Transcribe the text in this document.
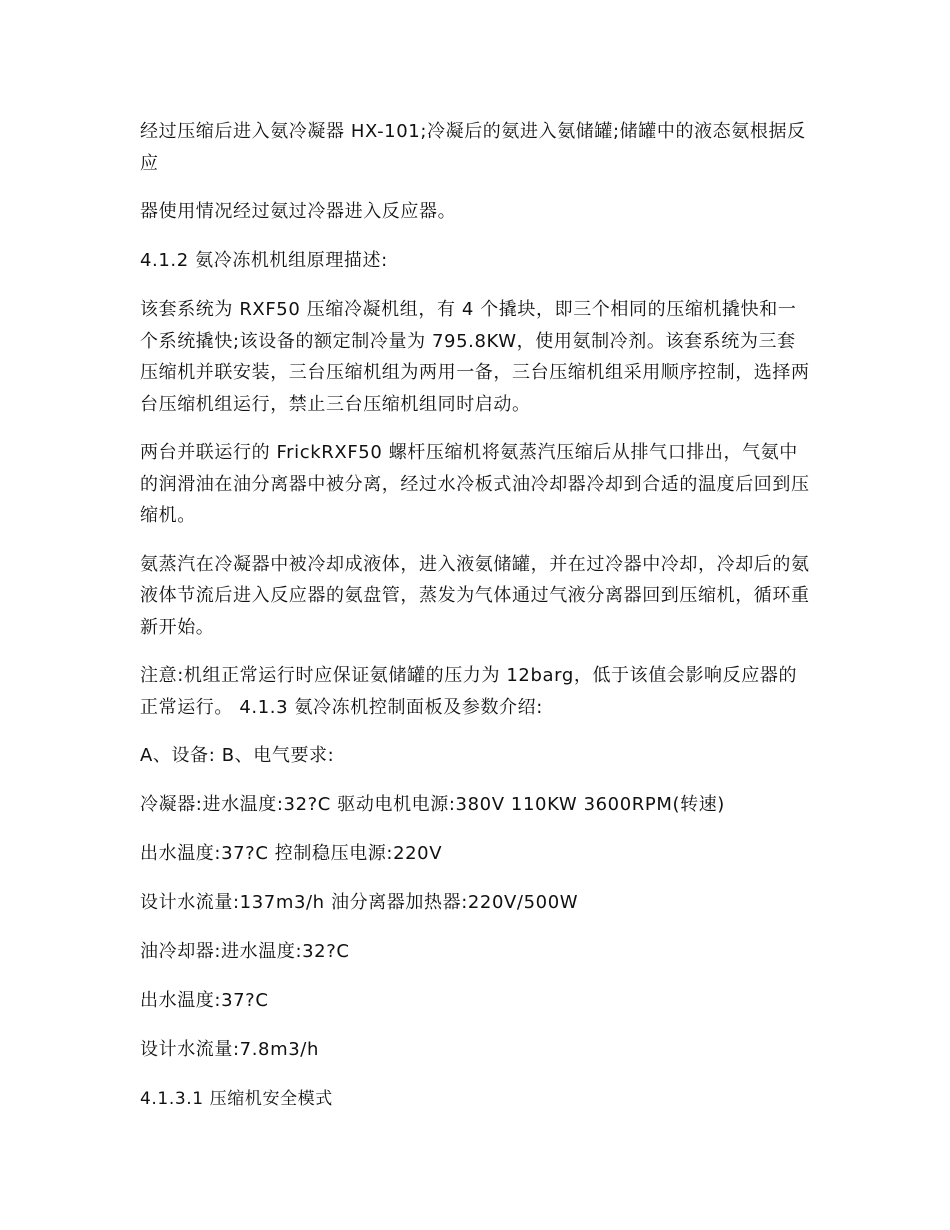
经过压缩后进入氨冷凝器 HX-101;冷凝后的氨进入氨储罐;储罐中的液态氨根据反应

器使用情况经过氨过冷器进入反应器。

4.1.2 氨冷冻机机组原理描述:

该套系统为 RXF50 压缩冷凝机组，有 4 个撬块，即三个相同的压缩机撬快和一个系统撬快;该设备的额定制冷量为 795.8KW，使用氨制冷剂。该套系统为三套压缩机并联安装，三台压缩机组为两用一备，三台压缩机组采用顺序控制，选择两台压缩机组运行，禁止三台压缩机组同时启动。

两台并联运行的 FrickRXF50 螺杆压缩机将氨蒸汽压缩后从排气口排出，气氨中的润滑油在油分离器中被分离，经过水冷板式油冷却器冷却到合适的温度后回到压缩机。

氨蒸汽在冷凝器中被冷却成液体，进入液氨储罐，并在过冷器中冷却，冷却后的氨液体节流后进入反应器的氨盘管，蒸发为气体通过气液分离器回到压缩机，循环重新开始。

注意:机组正常运行时应保证氨储罐的压力为 12barg，低于该值会影响反应器的正常运行。 4.1.3 氨冷冻机控制面板及参数介绍:

A、设备: B、电气要求:

冷凝器:进水温度:32?C 驱动电机电源:380V 110KW 3600RPM(转速)

出水温度:37?C 控制稳压电源:220V

设计水流量:137m3/h 油分离器加热器:220V/500W

油冷却器:进水温度:32?C

出水温度:37?C

设计水流量:7.8m3/h

4.1.3.1 压缩机安全模式
